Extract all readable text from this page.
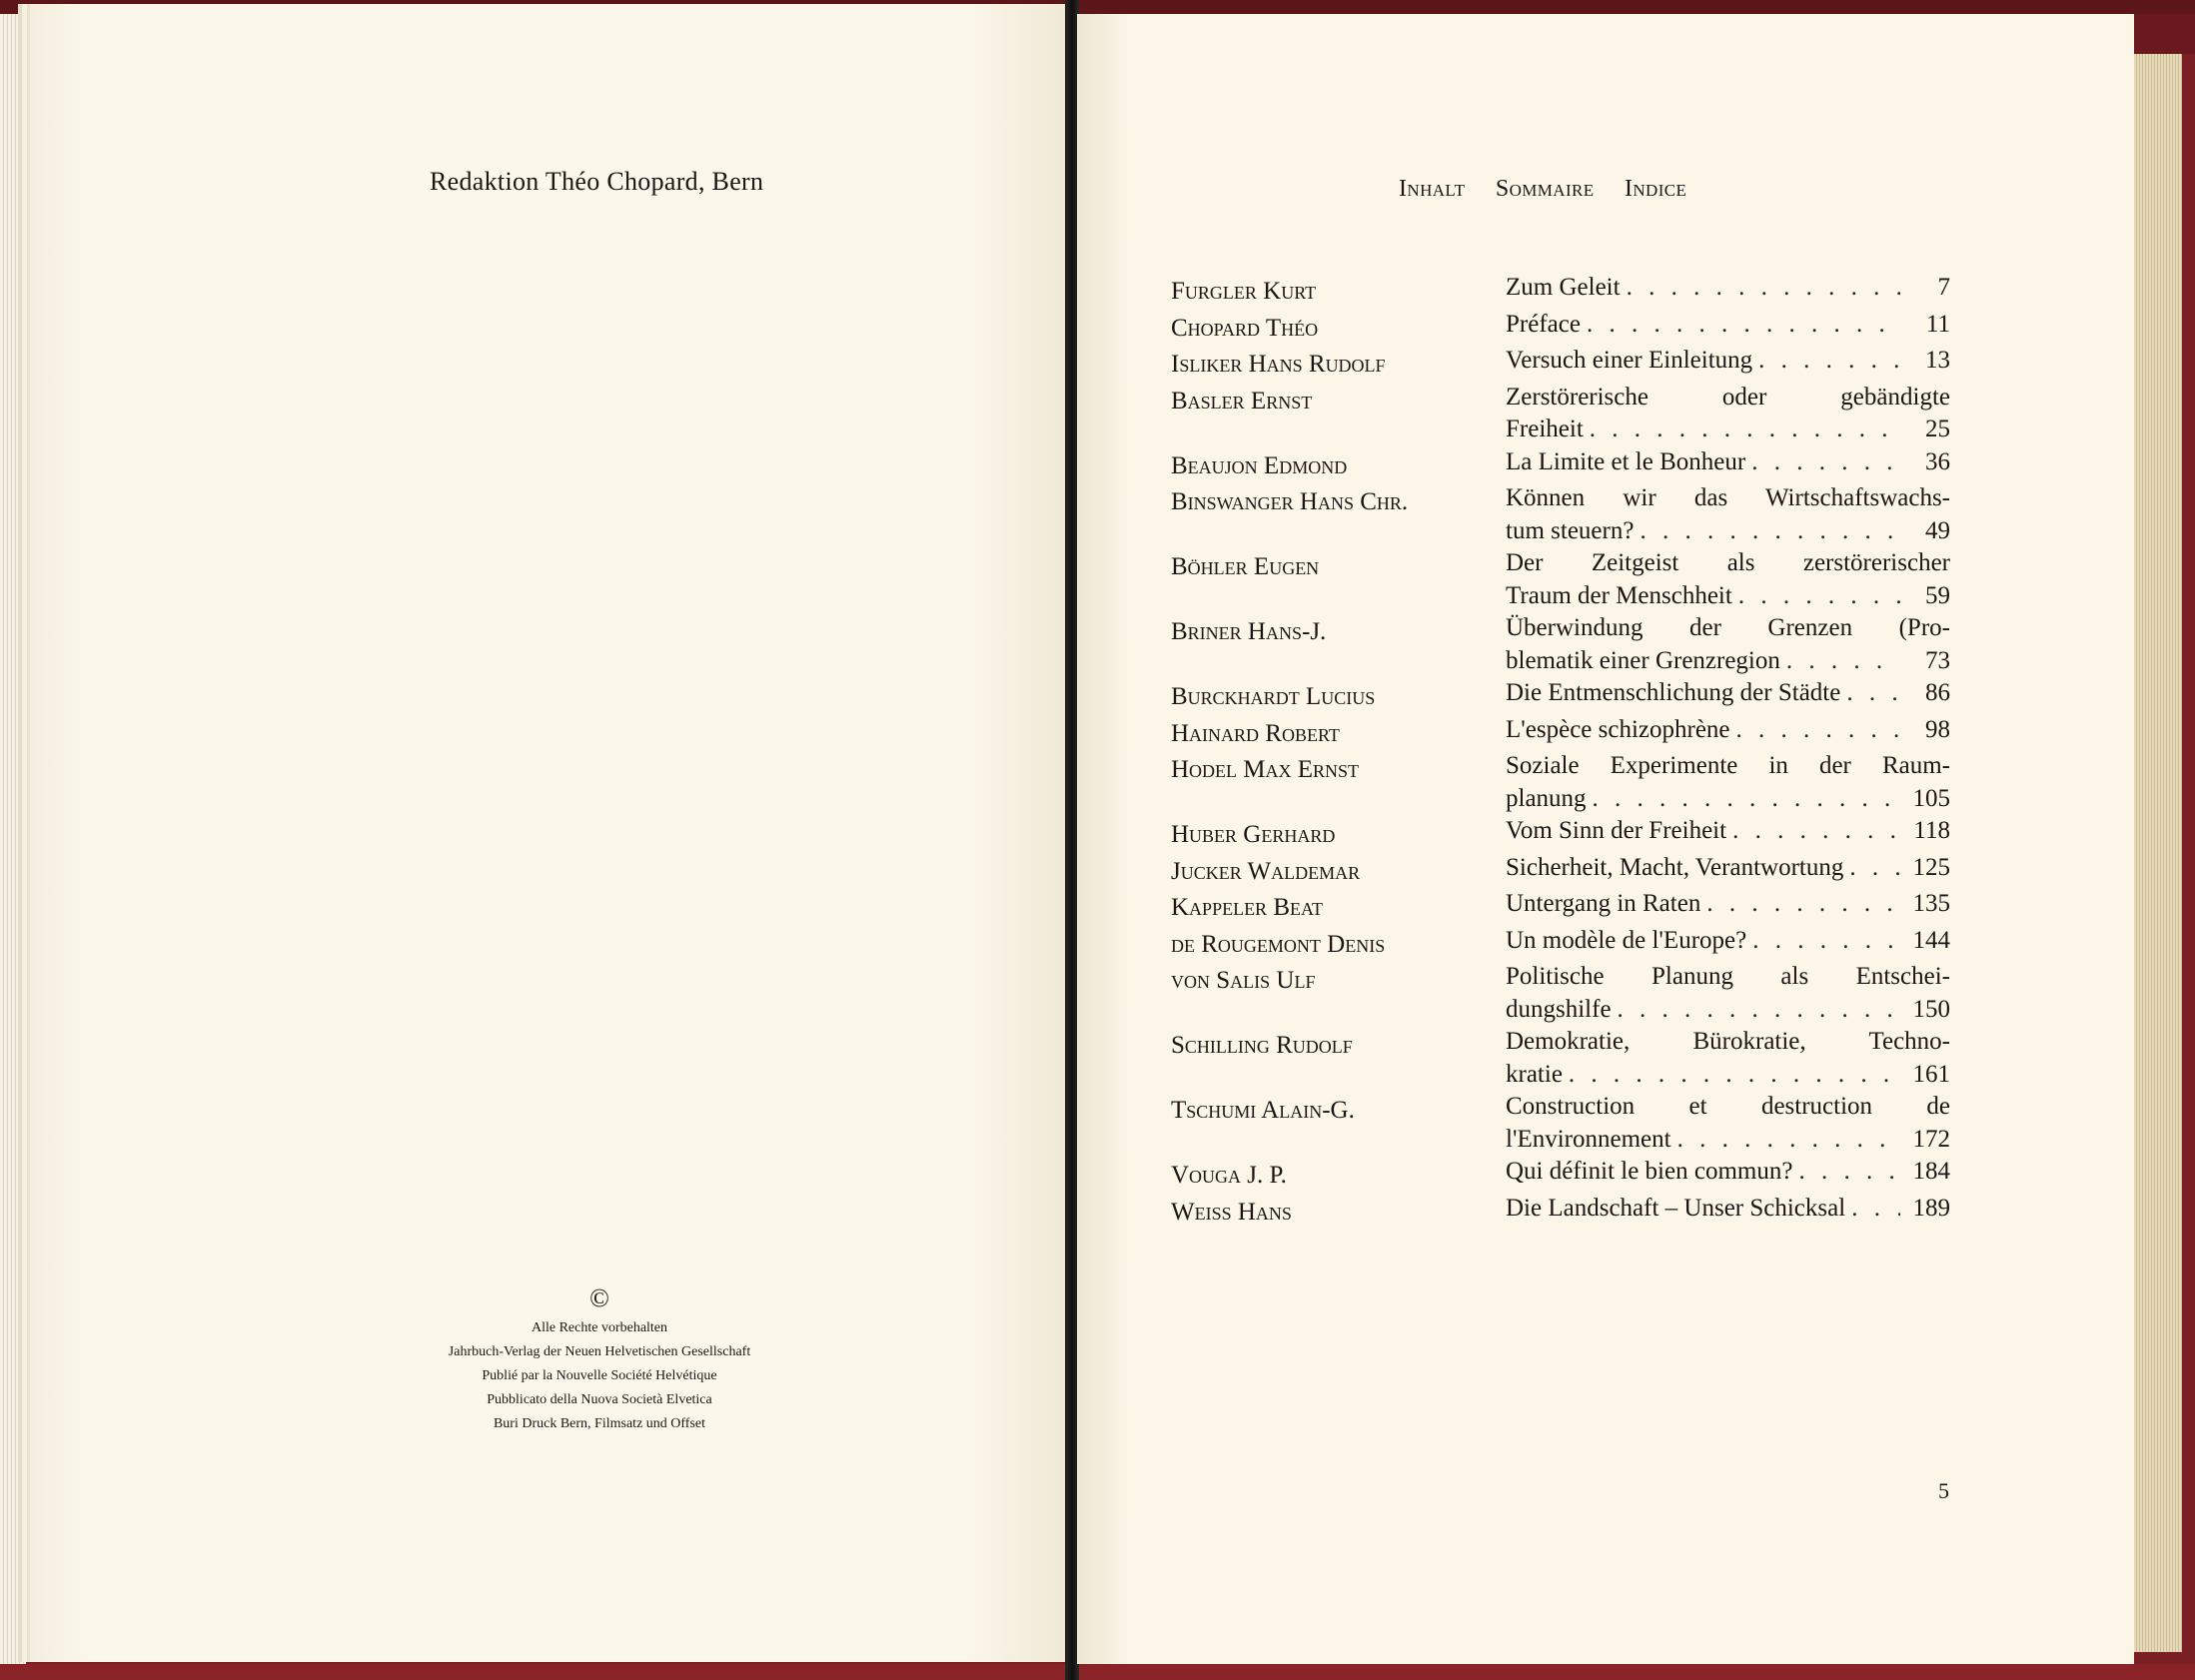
Redaktion Théo Chopard, Bern
©
Alle Rechte vorbehalten
Jahrbuch-Verlag der Neuen Helvetischen Gesellschaft
Publié par la Nouvelle Société Helvétique
Pubblicato della Nuova Società Elvetica
Buri Druck Bern, Filmsatz und Offset
Inhalt Sommaire Indice
Furgler Kurt	Zum Geleit . . .	7
Chopard Théo	Préface . . .	11
Isliker Hans Rudolf	Versuch einer Einleitung . . .	13
Basler Ernst	Zerstörerische oder gebändigte
Freiheit . . .	25
Beaujon Edmond	La Limite et le Bonheur . . .	36
Binswanger Hans Chr.	Können wir das Wirtschaftswachs-
tum steuern? . . .	49
Böhler Eugen	Der Zeitgeist als zerstörerischer
Traum der Menschheit . . .	59
Briner Hans-J.	Überwindung der Grenzen (Pro-
blematik einer Grenzregion . . .	73
Burckhardt Lucius	Die Entmenschlichung der Städte . . .	86
Hainard Robert	L'espèce schizophrène . . .	98
Hodel Max Ernst	Soziale Experimente in der Raum-
planung . . .	105
Huber Gerhard	Vom Sinn der Freiheit . . .	118
Jucker Waldemar	Sicherheit, Macht, Verantwortung . . .	125
Kappeler Beat	Untergang in Raten . . .	135
de Rougemont Denis	Un modèle de l'Europe? . . .	144
von Salis Ulf	Politische Planung als Entschei-
dungshilfe . . .	150
Schilling Rudolf	Demokratie, Bürokratie, Techno-
kratie . . .	161
Tschumi Alain-G.	Construction et destruction de
l'Environnement . . .	172
Vouga J. P.	Qui définit le bien commun? . . .	184
Weiss Hans	Die Landschaft – Unser Schicksal . . .	189
5
